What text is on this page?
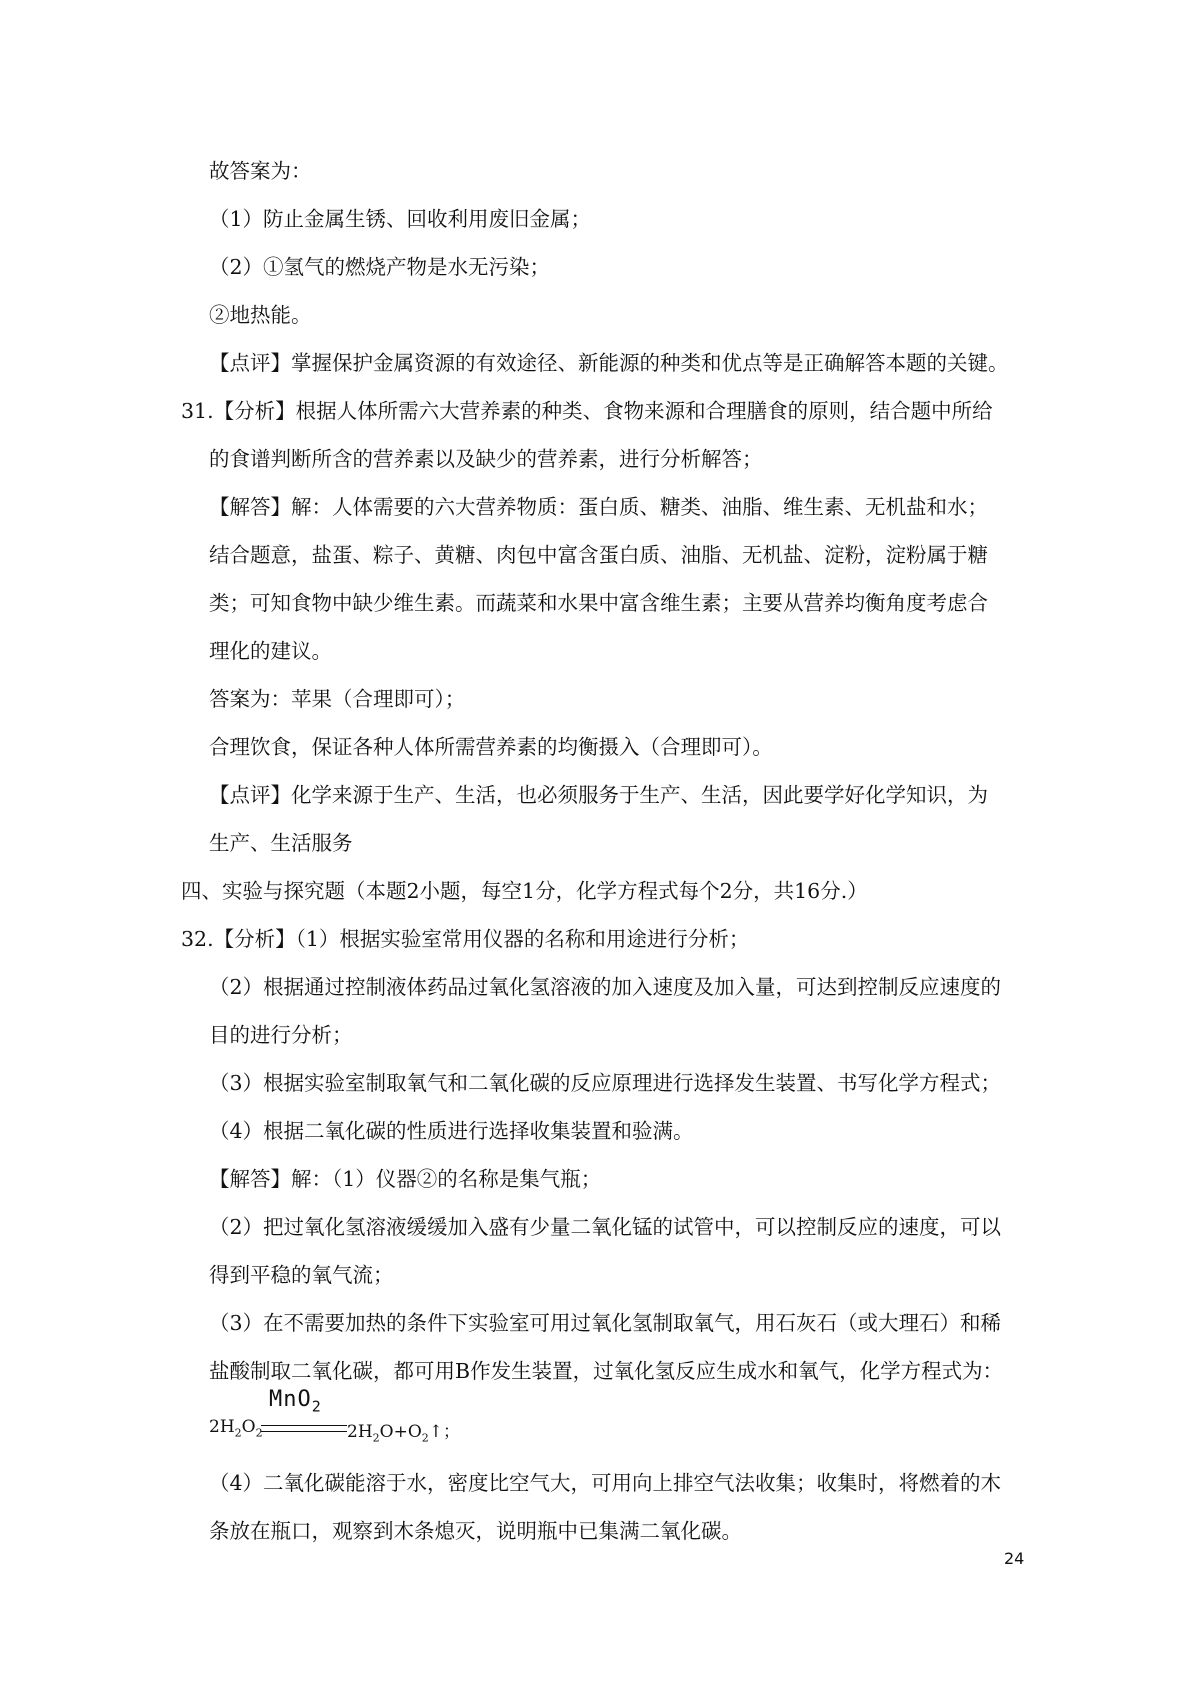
故答案为：
（1）防止金属生锈、回收利用废旧金属；
（2）①氢气的燃烧产物是水无污染；
②地热能。
【点评】掌握保护金属资源的有效途径、新能源的种类和优点等是正确解答本题的关键。
31.【分析】根据人体所需六大营养素的种类、食物来源和合理膳食的原则，结合题中所给
的食谱判断所含的营养素以及缺少的营养素，进行分析解答；
【解答】解：人体需要的六大营养物质：蛋白质、糖类、油脂、维生素、无机盐和水；
结合题意，盐蛋、粽子、黄糖、肉包中富含蛋白质、油脂、无机盐、淀粉，淀粉属于糖
类；可知食物中缺少维生素。而蔬菜和水果中富含维生素；主要从营养均衡角度考虑合
理化的建议。
答案为：苹果（合理即可）；
合理饮食，保证各种人体所需营养素的均衡摄入（合理即可）。
【点评】化学来源于生产、生活，也必须服务于生产、生活，因此要学好化学知识，为
生产、生活服务
四、实验与探究题（本题2小题，每空1分，化学方程式每个2分，共16分.）
32.【分析】（1）根据实验室常用仪器的名称和用途进行分析；
（2）根据通过控制液体药品过氧化氢溶液的加入速度及加入量，可达到控制反应速度的
目的进行分析；
（3）根据实验室制取氧气和二氧化碳的反应原理进行选择发生装置、书写化学方程式；
（4）根据二氧化碳的性质进行选择收集装置和验满。
【解答】解：（1）仪器②的名称是集气瓶；
（2）把过氧化氢溶液缓缓加入盛有少量二氧化锰的试管中，可以控制反应的速度，可以
得到平稳的氧气流；
（3）在不需要加热的条件下实验室可用过氧化氢制取氧气，用石灰石（或大理石）和稀
盐酸制取二氧化碳，都可用B作发生装置，过氧化氢反应生成水和氧气，化学方程式为：
MnO$_2$
$2H_2O_2$	$2H_2O+O_2↑$；
（4）二氧化碳能溶于水，密度比空气大，可用向上排空气法收集；收集时，将燃着的木
条放在瓶口，观察到木条熄灭，说明瓶中已集满二氧化碳。
24
